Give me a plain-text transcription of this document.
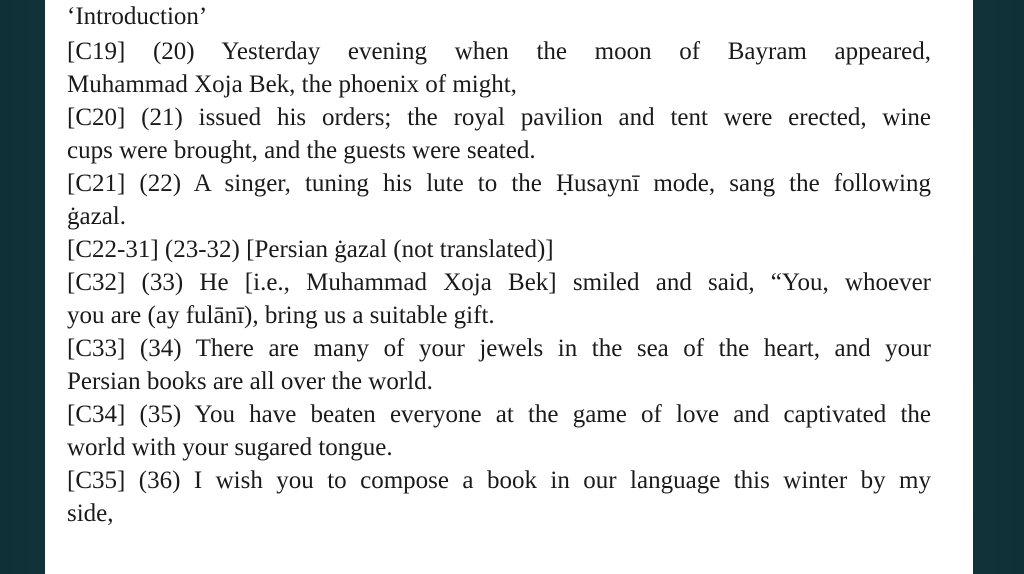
‘Introduction’

[C19] (20) Yesterday evening when the moon of Bayram appeared,
Muhammad Xoja Bek, the phoenix of might,

[C20] (21) issued his orders; the royal pavilion and tent were erected, wine
cups were brought, and the guests were seated.

[C21] (22) A singer, tuning his lute to the Ḥusaynī mode, sang the following
ġazal.

[C22-31] (23-32) [Persian ġazal (not translated)]

[C32] (33) He [i.e., Muhammad Xoja Bek] smiled and said, “You, whoever
you are (ay fulānī), bring us a suitable gift.

[C33] (34) There are many of your jewels in the sea of the heart, and your
Persian books are all over the world.

[C34] (35) You have beaten everyone at the game of love and captivated the
world with your sugared tongue.

[C35] (36) I wish you to compose a book in our language this winter by my
side,
